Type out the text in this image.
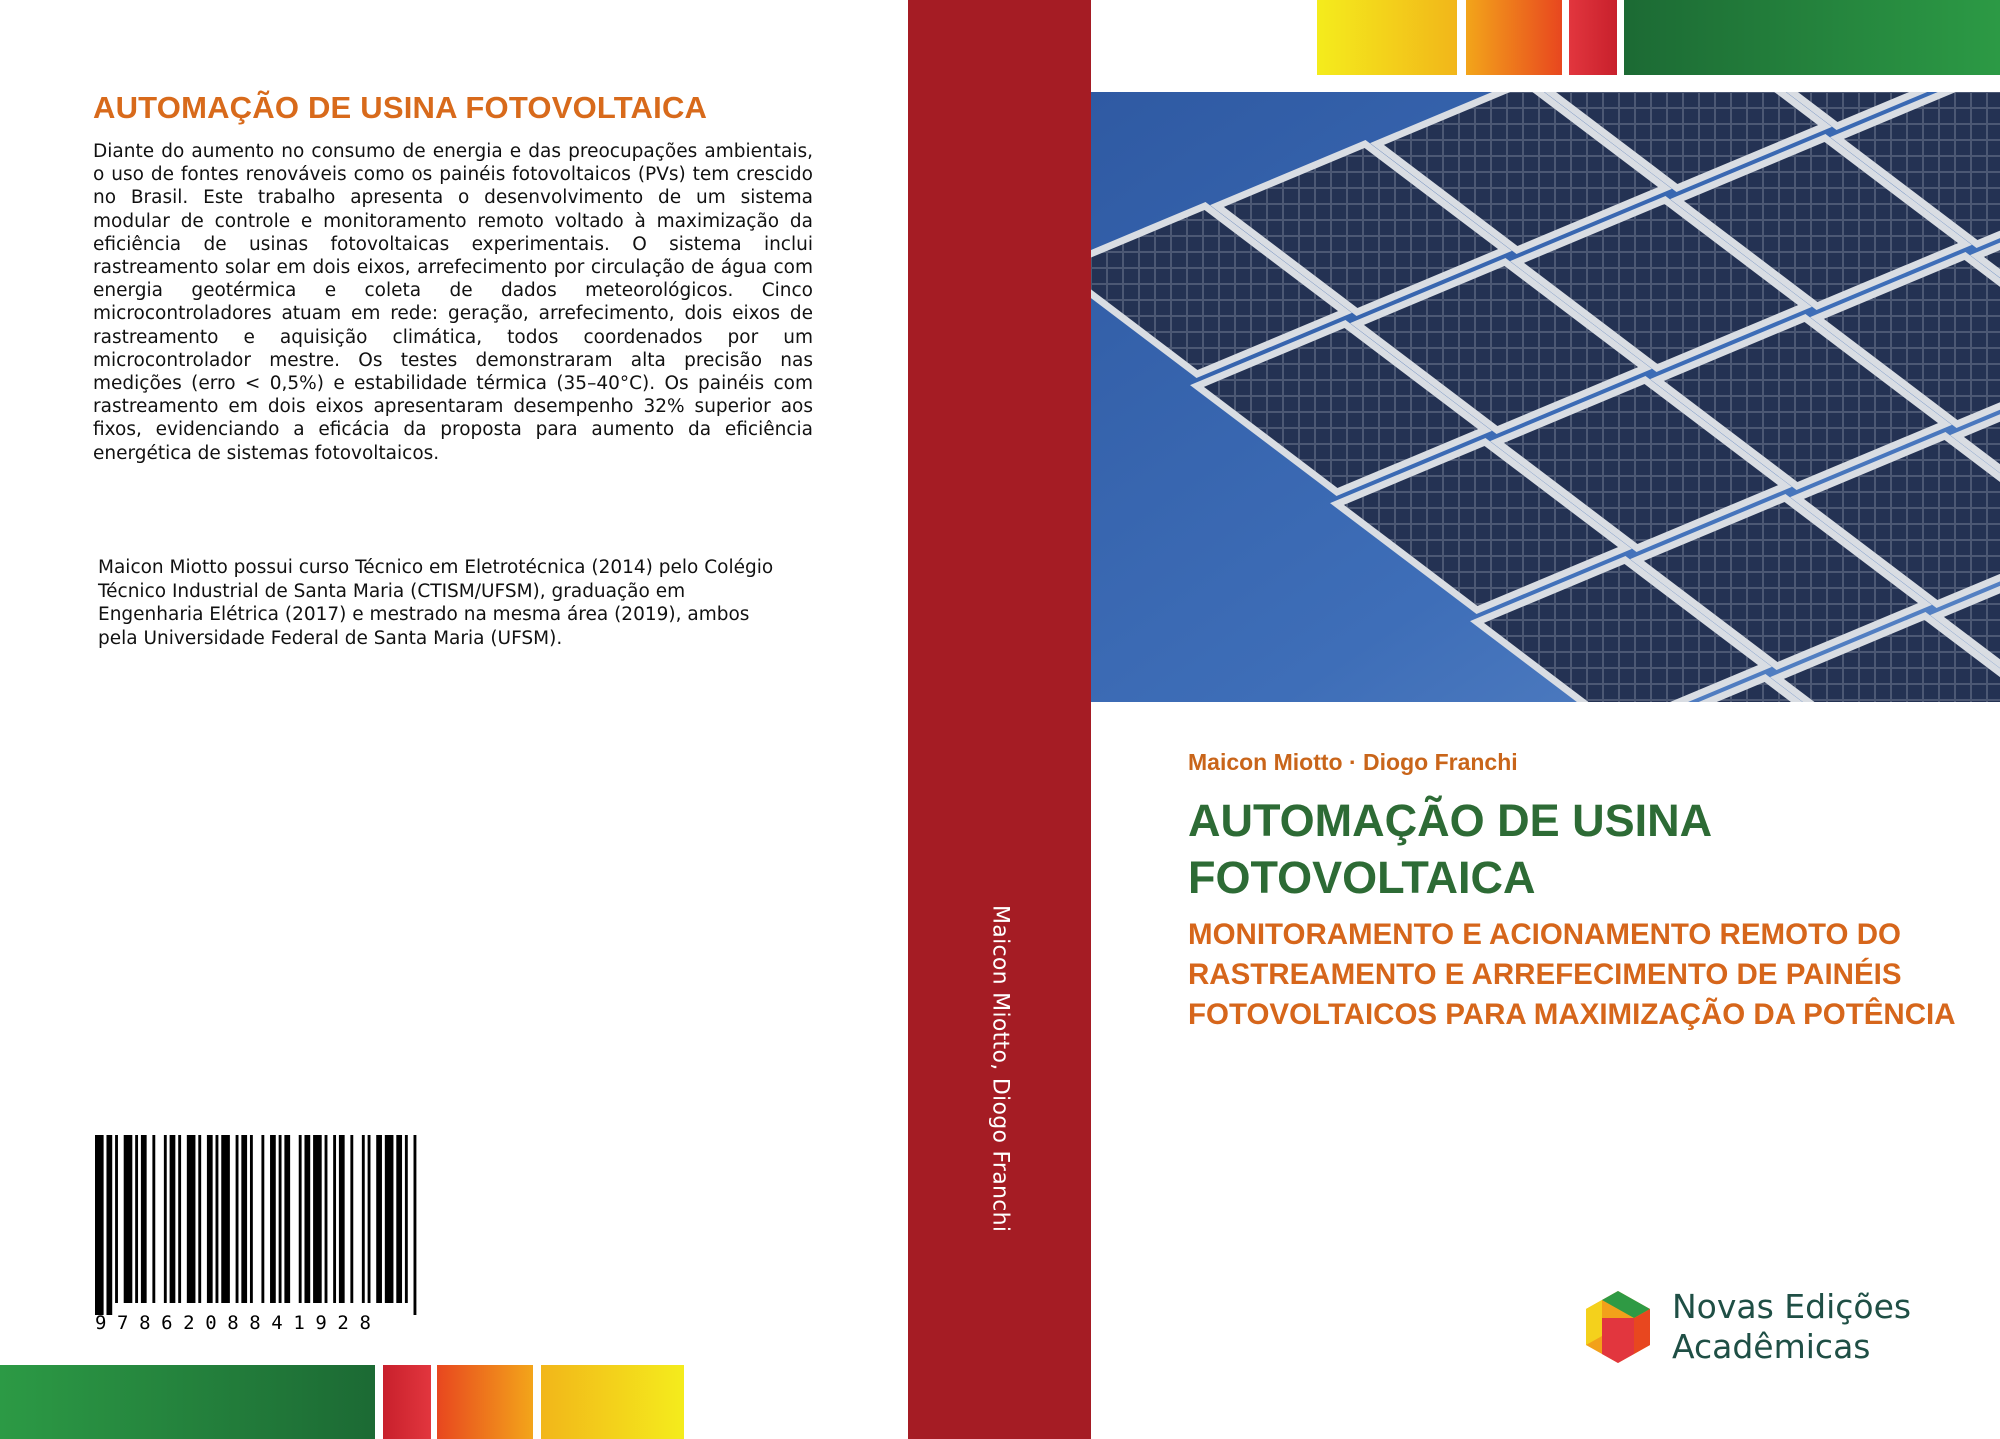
AUTOMAÇÃO DE USINA FOTOVOLTAICA

Diante do aumento no consumo de energia e das preocupações ambientais, o uso de fontes renováveis como os painéis fotovoltaicos (PVs) tem crescido no Brasil. Este trabalho apresenta o desenvolvimento de um sistema modular de controle e monitoramento remoto voltado à maximização da eficiência de usinas fotovoltaicas experimentais. O sistema inclui rastreamento solar em dois eixos, arrefecimento por circulação de água com energia geotérmica e coleta de dados meteorológicos. Cinco microcontroladores atuam em rede: geração, arrefecimento, dois eixos de rastreamento e aquisição climática, todos coordenados por um microcontrolador mestre. Os testes demonstraram alta precisão nas medições (erro < 0,5%) e estabilidade térmica (35–40°C). Os painéis com rastreamento em dois eixos apresentaram desempenho 32% superior aos fixos, evidenciando a eficácia da proposta para aumento da eficiência energética de sistemas fotovoltaicos.

Maicon Miotto possui curso Técnico em Eletrotécnica (2014) pelo Colégio Técnico Industrial de Santa Maria (CTISM/UFSM), graduação em Engenharia Elétrica (2017) e mestrado na mesma área (2019), ambos pela Universidade Federal de Santa Maria (UFSM).

9786208841928
Maicon Miotto, Diogo Franchi
Maicon Miotto · Diogo Franchi

AUTOMAÇÃO DE USINA FOTOVOLTAICA

MONITORAMENTO E ACIONAMENTO REMOTO DO RASTREAMENTO E ARREFECIMENTO DE PAINÉIS FOTOVOLTAICOS PARA MAXIMIZAÇÃO DA POTÊNCIA

Novas Edições
Acadêmicas
